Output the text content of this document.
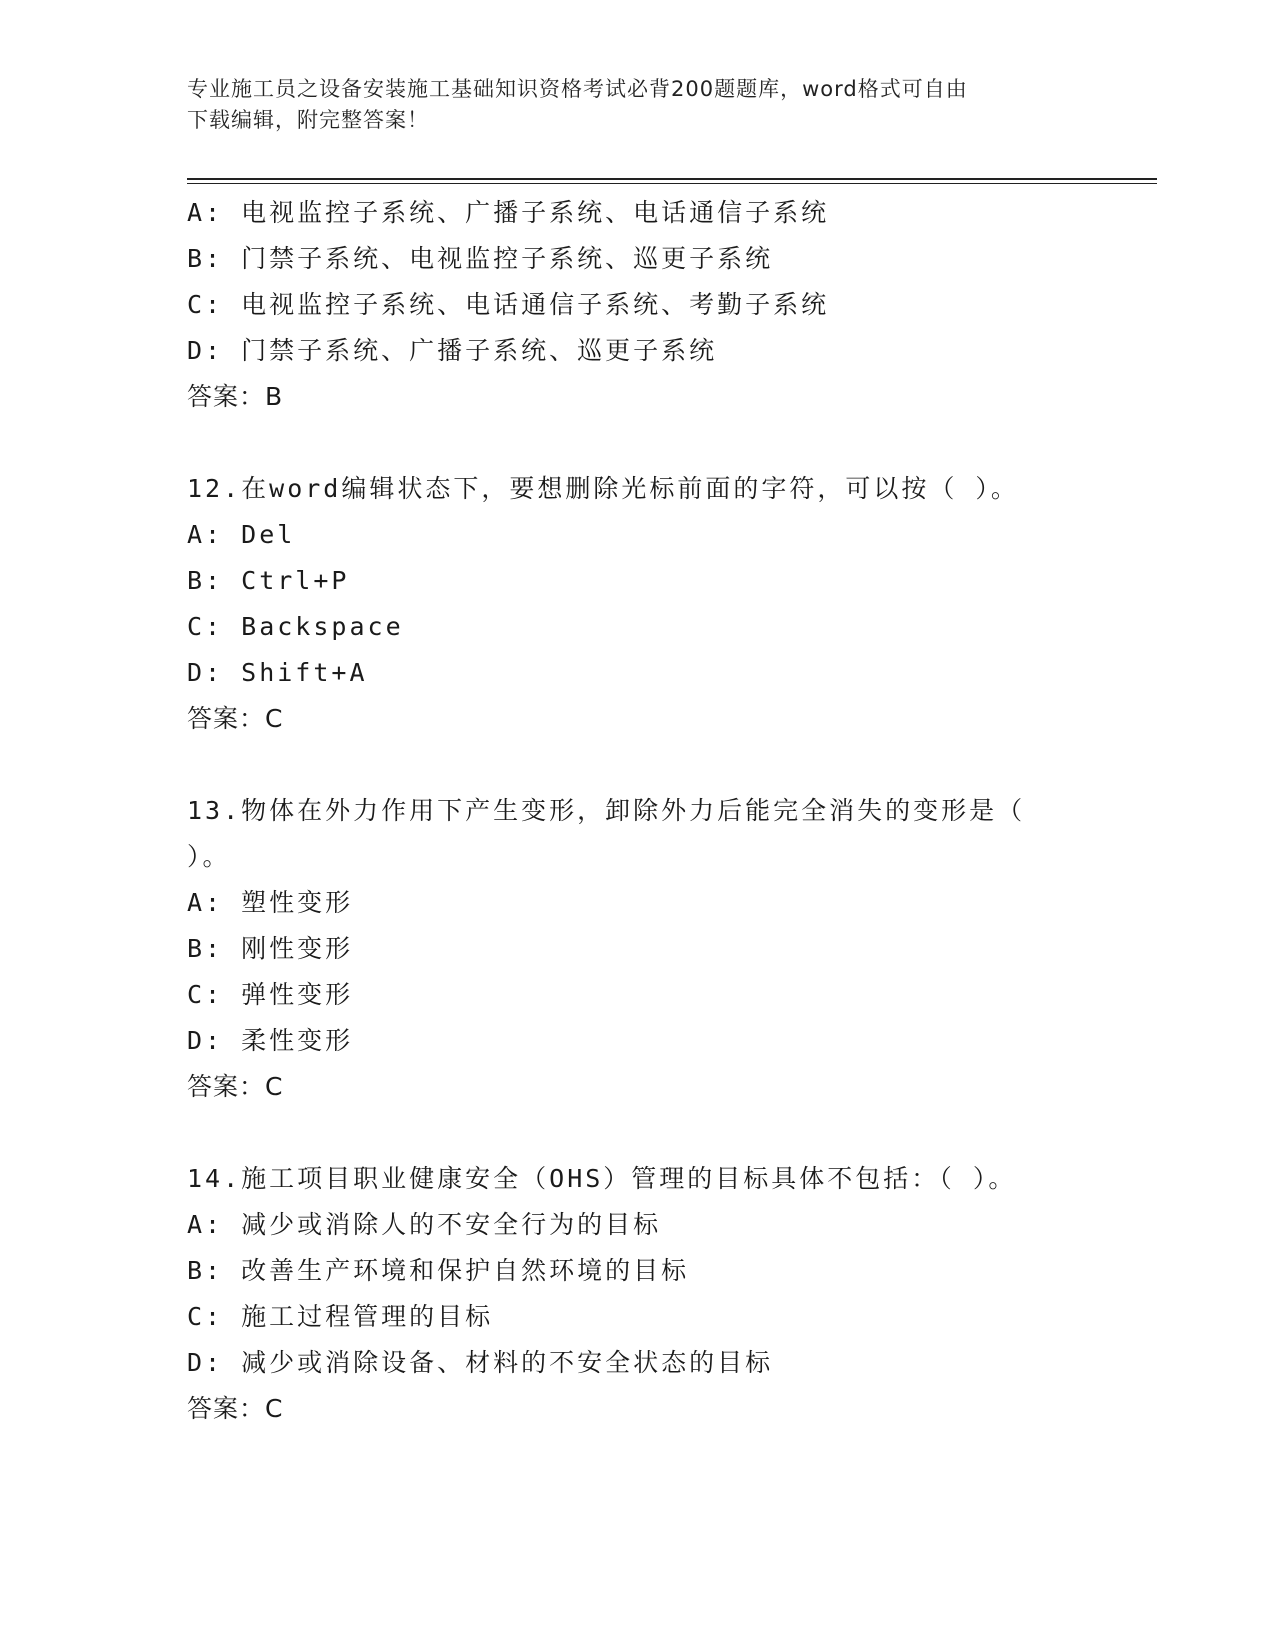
专业施工员之设备安装施工基础知识资格考试必背200题题库，word格式可自由
下载编辑，附完整答案！
A: 电视监控子系统、广播子系统、电话通信子系统
B: 门禁子系统、电视监控子系统、巡更子系统
C: 电视监控子系统、电话通信子系统、考勤子系统
D: 门禁子系统、广播子系统、巡更子系统
答案：B
12.在word编辑状态下，要想删除光标前面的字符，可以按（ ）。
A: Del
B: Ctrl+P
C: Backspace
D: Shift+A
答案：C
13.物体在外力作用下产生变形，卸除外力后能完全消失的变形是（
）。
A: 塑性变形
B: 刚性变形
C: 弹性变形
D: 柔性变形
答案：C
14.施工项目职业健康安全（OHS）管理的目标具体不包括：（ ）。
A: 减少或消除人的不安全行为的目标
B: 改善生产环境和保护自然环境的目标
C: 施工过程管理的目标
D: 减少或消除设备、材料的不安全状态的目标
答案：C
